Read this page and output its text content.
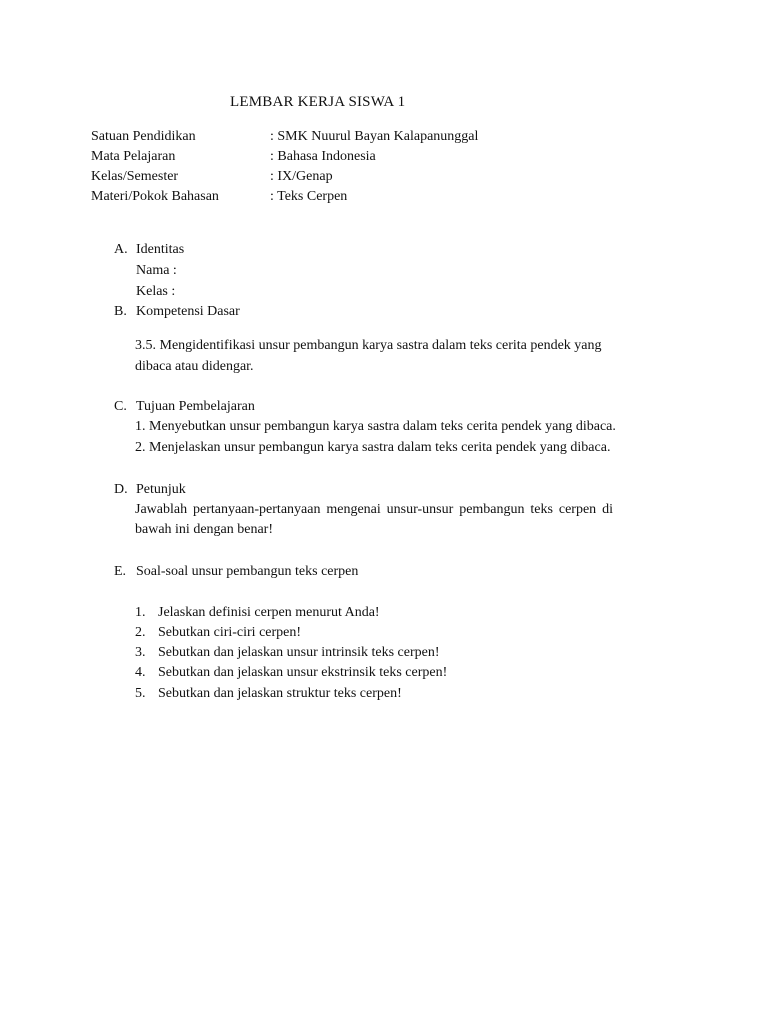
LEMBAR KERJA SISWA 1
Satuan Pendidikan	: SMK Nuurul Bayan Kalapanunggal
Mata Pelajaran	: Bahasa Indonesia
Kelas/Semester	: IX/Genap
Materi/Pokok Bahasan	: Teks Cerpen
A. Identitas
Nama :
Kelas :
B. Kompetensi Dasar
3.5. Mengidentifikasi unsur pembangun karya sastra dalam teks cerita pendek yang
dibaca atau didengar.
C. Tujuan Pembelajaran
1. Menyebutkan unsur pembangun karya sastra dalam teks cerita pendek yang dibaca.
2. Menjelaskan unsur pembangun karya sastra dalam teks cerita pendek yang dibaca.
D. Petunjuk
Jawablah pertanyaan-pertanyaan mengenai unsur-unsur pembangun teks cerpen di
bawah ini dengan benar!
E. Soal-soal unsur pembangun teks cerpen
1. Jelaskan definisi cerpen menurut Anda!
2. Sebutkan ciri-ciri cerpen!
3. Sebutkan dan jelaskan unsur intrinsik teks cerpen!
4. Sebutkan dan jelaskan unsur ekstrinsik teks cerpen!
5. Sebutkan dan jelaskan struktur teks cerpen!
